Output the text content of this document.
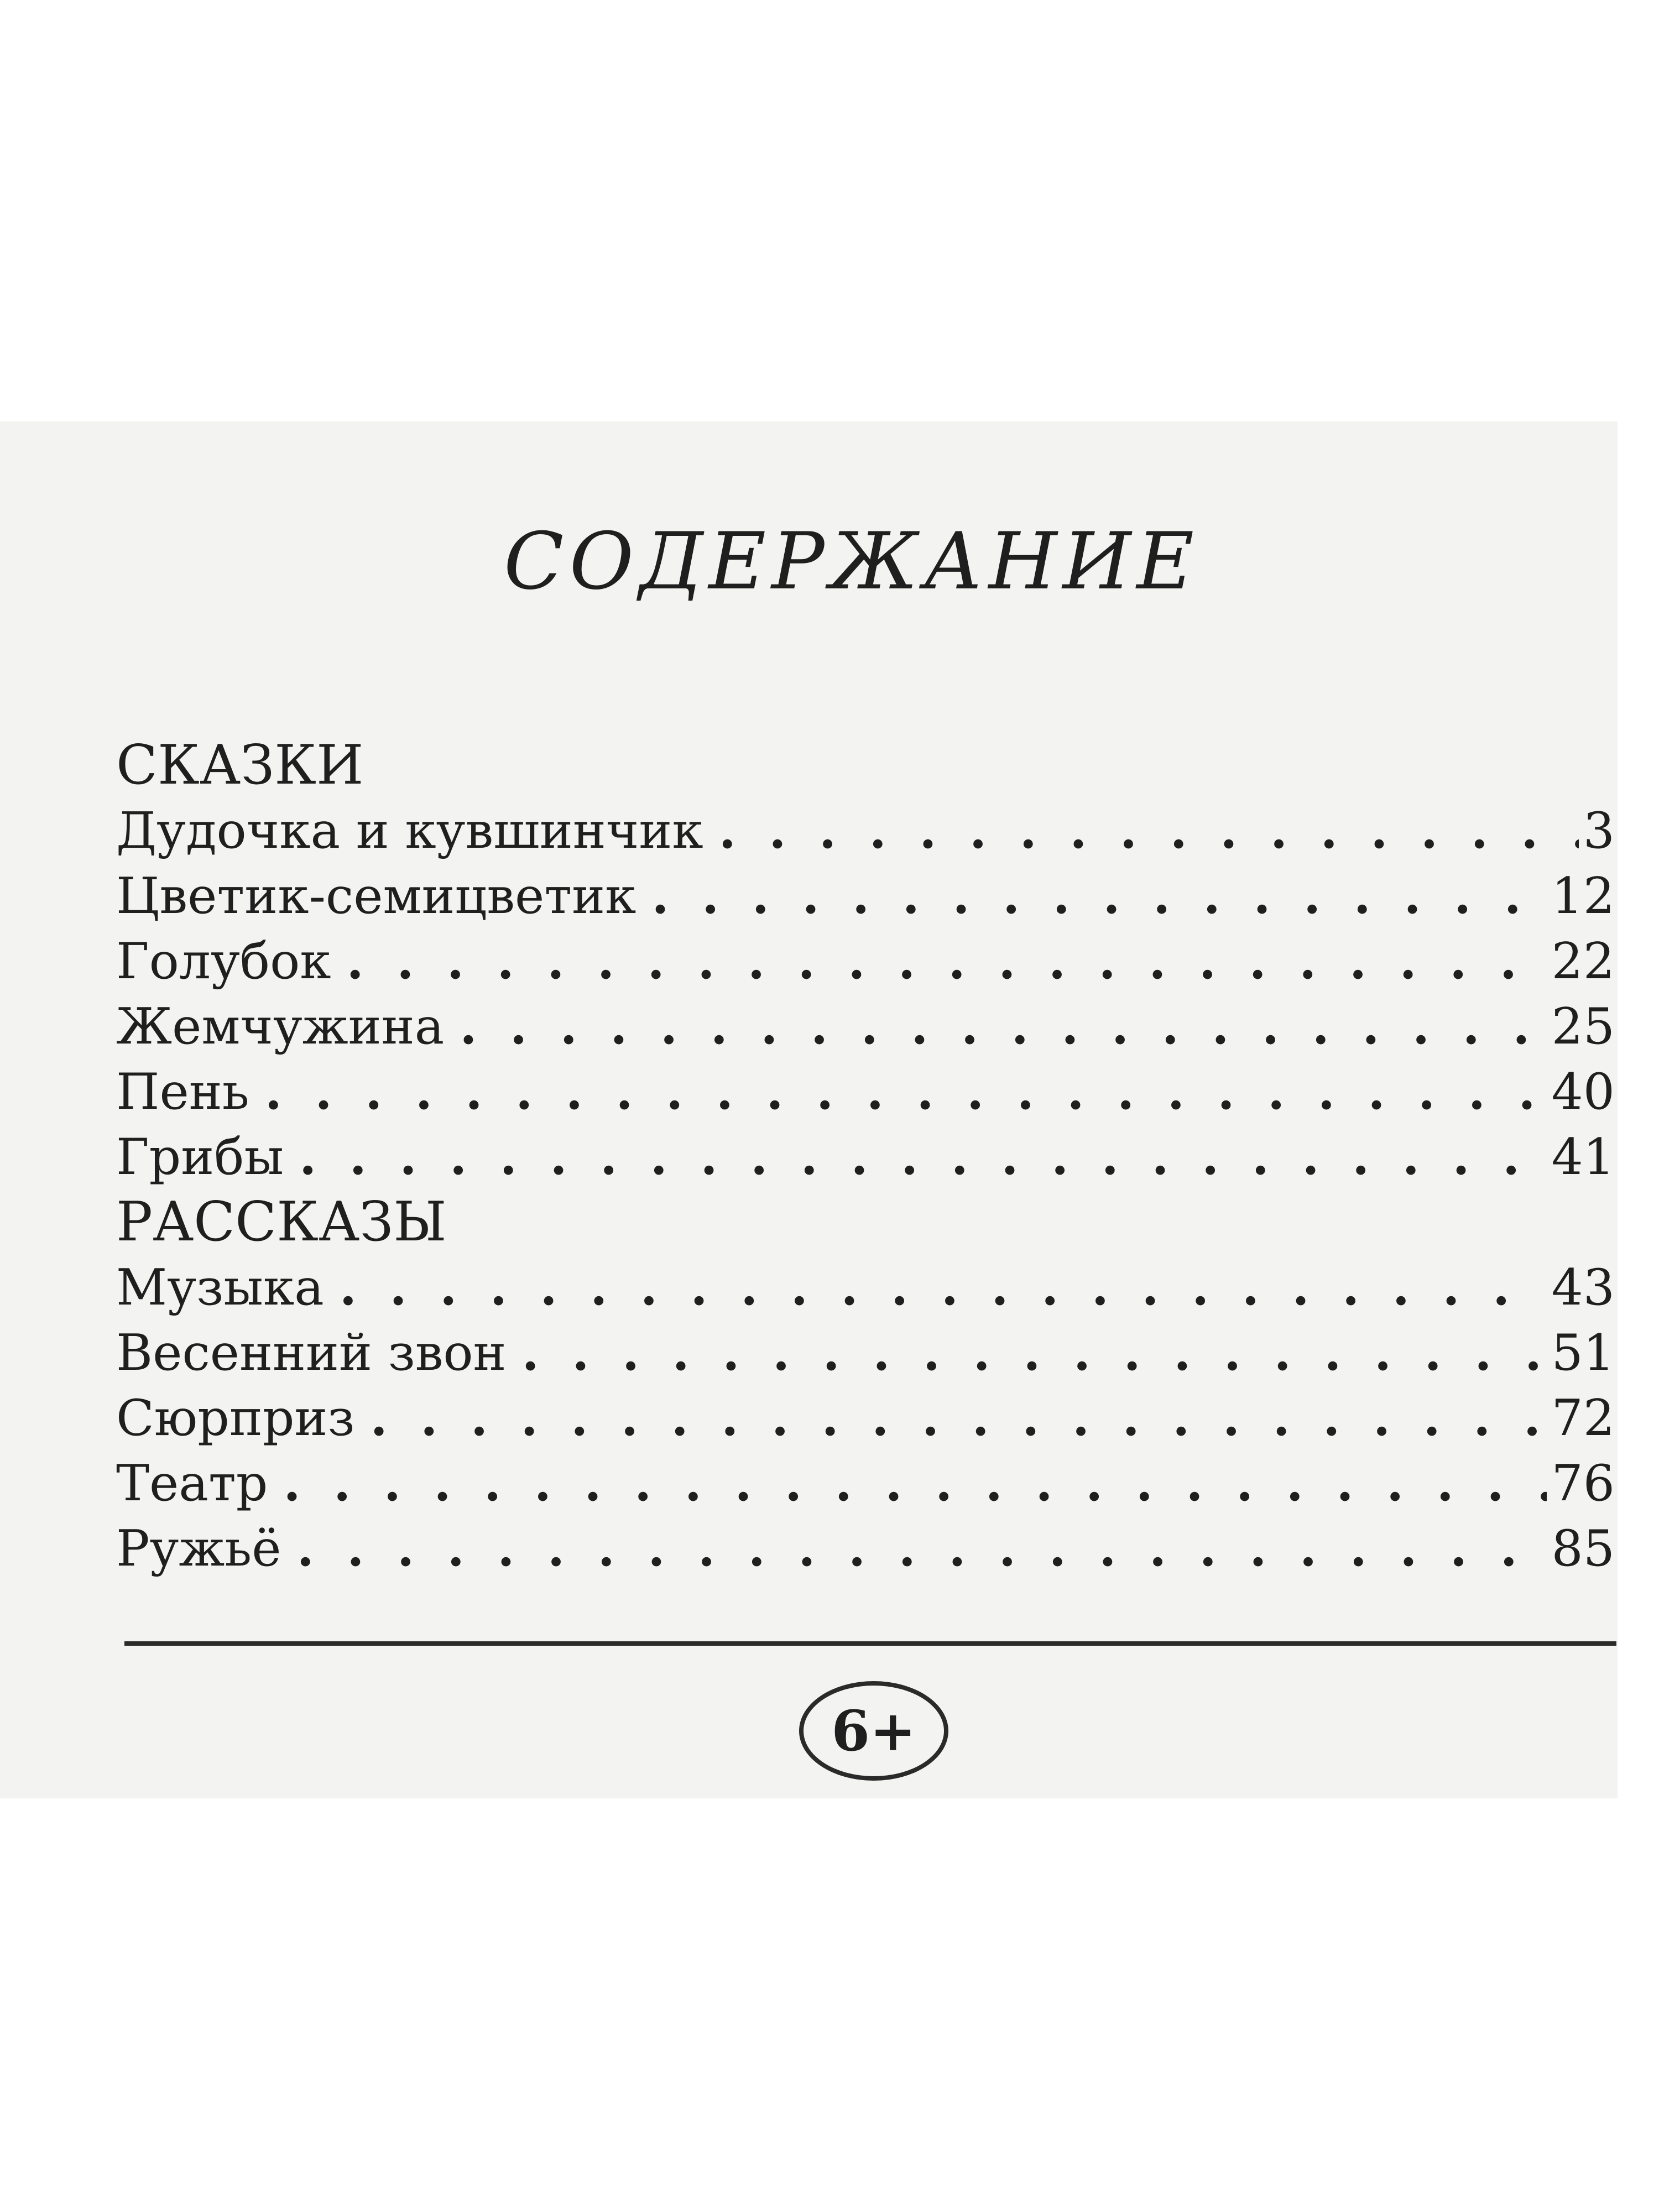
СОДЕРЖАНИЕ
СКАЗКИ
Дудочка и кувшинчик . . .	3
Цветик-семицветик . . .	12
Голубок . . .	22
Жемчужина . . .	25
Пень . . .	40
Грибы . . .	41
РАССКАЗЫ
Музыка . . .	43
Весенний звон . . .	51
Сюрприз . . .	72
Театр . . .	76
Ружьё . . .	85
6+
